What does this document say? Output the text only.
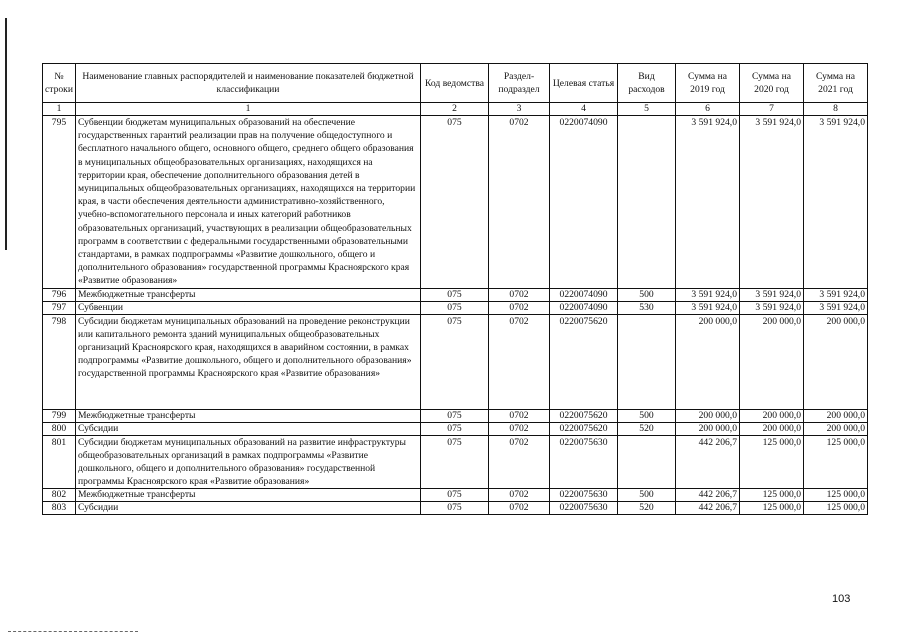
№ строки	Наименование главных распорядителей и наименование показателей бюджетной классификации	Код ведомства	Раздел-подраздел	Целевая статья	Вид расходов	Сумма на 2019 год	Сумма на 2020 год	Сумма на 2021 год
1	1	2	3	4	5	6	7	8
795	Субвенции бюджетам муниципальных образований на обеспечение государственных гарантий реализации прав на получение общедоступного и бесплатного начального общего, основного общего, среднего общего образования в муниципальных общеобразовательных организациях, находящихся на территории края, обеспечение дополнительного образования детей в муниципальных общеобразовательных организациях, находящихся на территории края, в части обеспечения деятельности административно-хозяйственного, учебно-вспомогательного персонала и иных категорий работников образовательных организаций, участвующих в реализации общеобразовательных программ в соответствии с федеральными государственными образовательными стандартами, в рамках подпрограммы «Развитие дошкольного, общего и дополнительного образования» государственной программы Красноярского края «Развитие образования»	075	0702	0220074090		3 591 924,0	3 591 924,0	3 591 924,0
796	Межбюджетные трансферты	075	0702	0220074090	500	3 591 924,0	3 591 924,0	3 591 924,0
797	Субвенции	075	0702	0220074090	530	3 591 924,0	3 591 924,0	3 591 924,0
798	Субсидии бюджетам муниципальных образований на проведение реконструкции или капитального ремонта зданий муниципальных общеобразовательных организаций Красноярского края, находящихся в аварийном состоянии, в рамках подпрограммы «Развитие дошкольного, общего и дополнительного образования» государственной программы Красноярского края «Развитие образования»	075	0702	0220075620		200 000,0	200 000,0	200 000,0
799	Межбюджетные трансферты	075	0702	0220075620	500	200 000,0	200 000,0	200 000,0
800	Субсидии	075	0702	0220075620	520	200 000,0	200 000,0	200 000,0
801	Субсидии бюджетам муниципальных образований на развитие инфраструктуры общеобразовательных организаций в рамках подпрограммы «Развитие дошкольного, общего и дополнительного образования» государственной программы Красноярского края «Развитие образования»	075	0702	0220075630		442 206,7	125 000,0	125 000,0
802	Межбюджетные трансферты	075	0702	0220075630	500	442 206,7	125 000,0	125 000,0
803	Субсидии	075	0702	0220075630	520	442 206,7	125 000,0	125 000,0
103
